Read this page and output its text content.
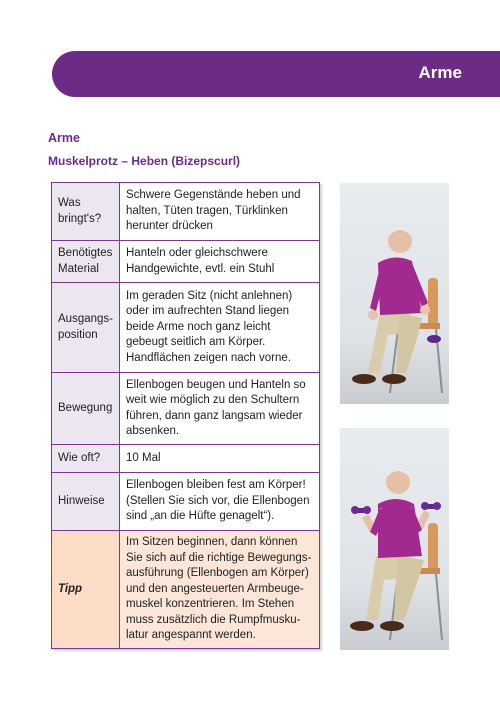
Arme
Arme
Muskelprotz – Heben (Bizepscurl)
Was bringt's?	Schwere Gegenstände heben und halten, Tüten tragen, Türklinken herunter drücken
Benötigtes Material	Hanteln oder gleichschwere Handgewichte, evtl. ein Stuhl
Ausgangsposition	Im geraden Sitz (nicht anlehnen) oder im aufrechten Stand liegen beide Arme noch ganz leicht gebeugt seitlich am Körper. Handflächen zeigen nach vorne.
Bewegung	Ellenbogen beugen und Hanteln so weit wie möglich zu den Schultern führen, dann ganz langsam wieder absenken.
Wie oft?	10 Mal
Hinweise	Ellenbogen bleiben fest am Körper! (Stellen Sie sich vor, die Ellenbogen sind „an die Hüfte genagelt“).
Tipp	Im Sitzen beginnen, dann können Sie sich auf die richtige Bewegungsausführung (Ellenbogen am Körper) und den angesteuerten Armbeugemuskel konzentrieren. Im Stehen muss zusätzlich die Rumpfmuskulatur angespannt werden.
